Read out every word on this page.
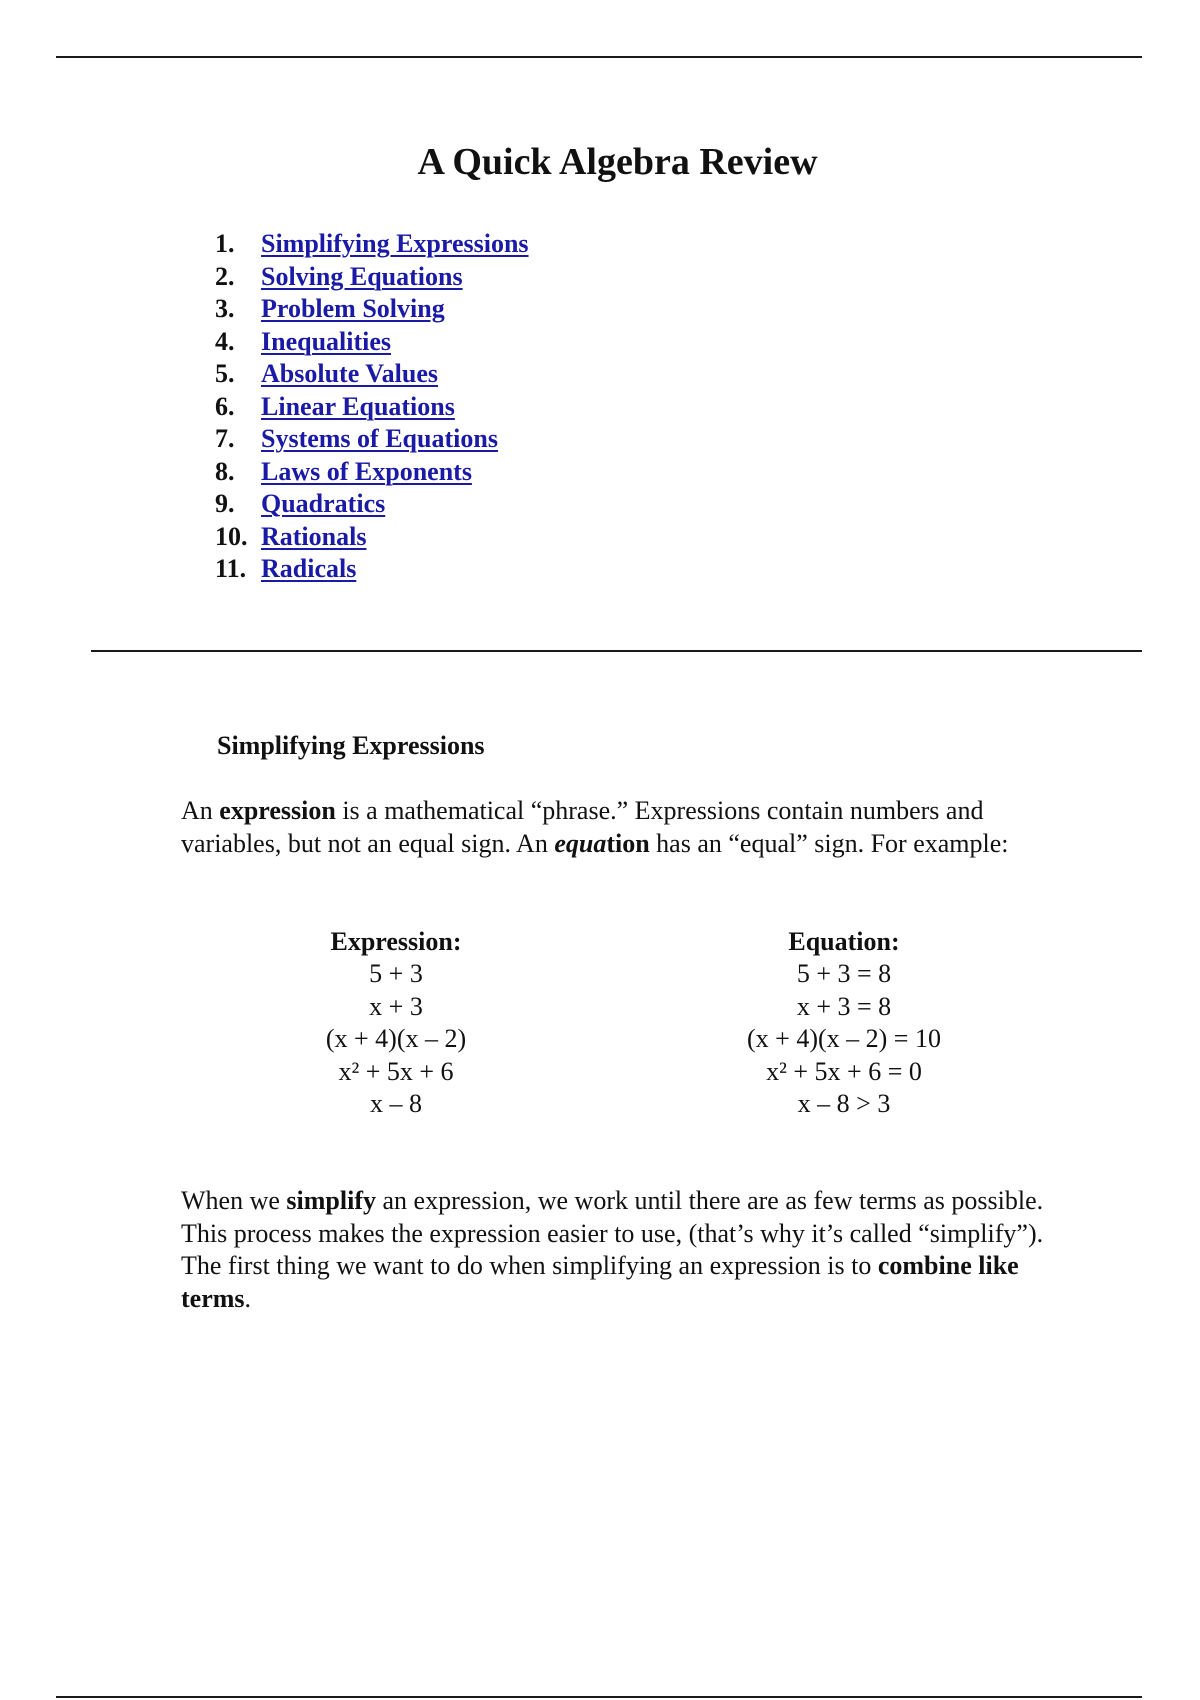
A Quick Algebra Review
1. Simplifying Expressions
2. Solving Equations
3. Problem Solving
4. Inequalities
5. Absolute Values
6. Linear Equations
7. Systems of Equations
8. Laws of Exponents
9. Quadratics
10. Rationals
11. Radicals
Simplifying Expressions

An expression is a mathematical “phrase.” Expressions contain numbers and variables, but not an equal sign. An equation has an “equal” sign. For example:

Expression:
5 + 3
x + 3
(x + 4)(x – 2)
x² + 5x + 6
x – 8
Equation:
5 + 3 = 8
x + 3 = 8
(x + 4)(x – 2) = 10
x² + 5x + 6 = 0
x – 8 > 3

When we simplify an expression, we work until there are as few terms as possible. This process makes the expression easier to use, (that’s why it’s called “simplify”). The first thing we want to do when simplifying an expression is to combine like terms.
